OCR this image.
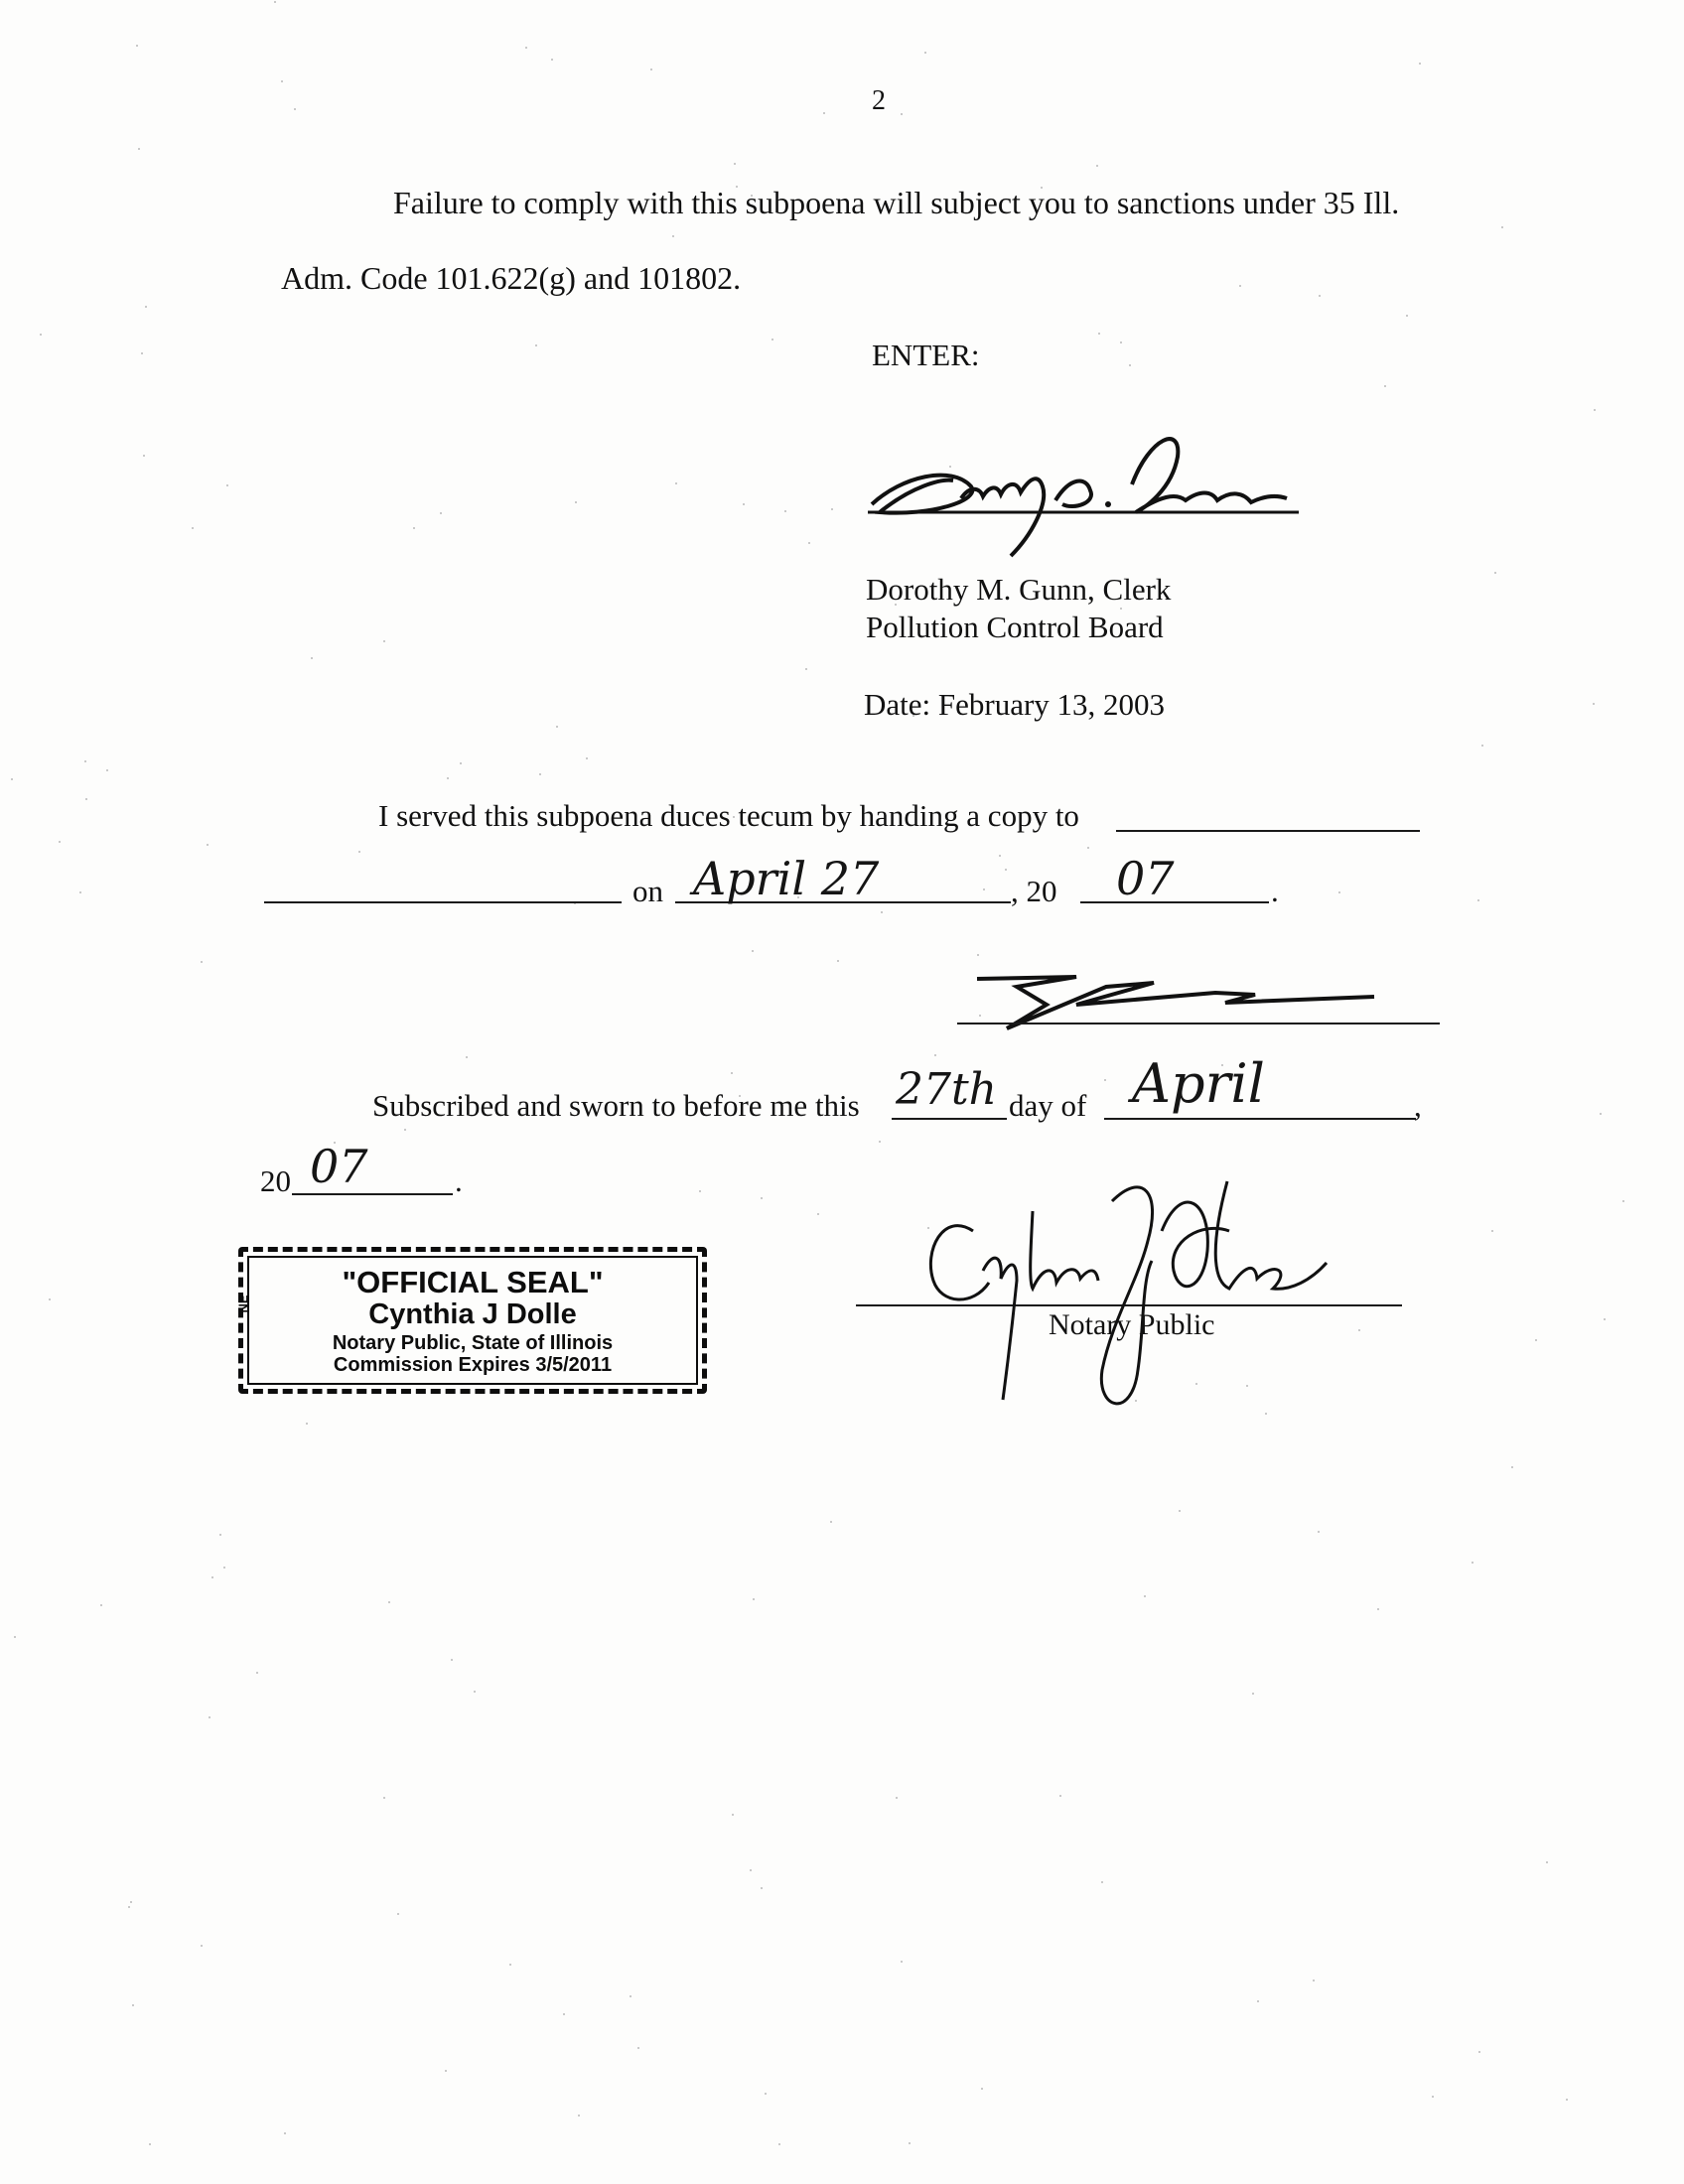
2
Failure to comply with this subpoena will subject you to sanctions under 35 Ill.
Adm. Code 101.622(g) and 101802.
ENTER:
Dorothy M. Gunn, Clerk
Pollution Control Board
Date: February 13, 2003
I served this subpoena duces tecum by handing a copy to
on April 27	, 20 07	.
Subscribed and sworn to before me this 27th day of April	,
20 07	.
Notary Public
NE
"OFFICIAL SEAL"
Cynthia J Dolle
Notary Public, State of Illinois
Commission Expires 3/5/2011
